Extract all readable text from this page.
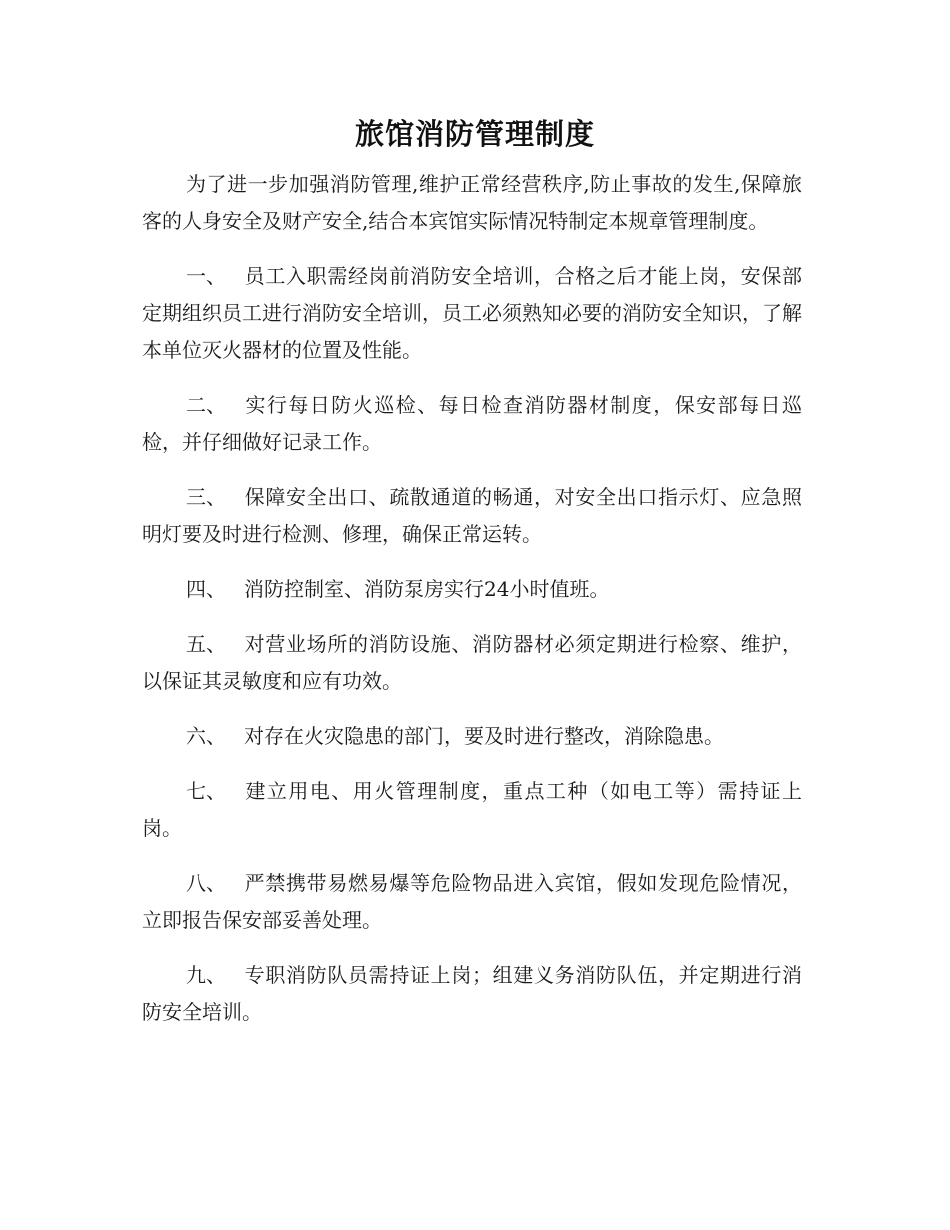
旅馆消防管理制度

为了进一步加强消防管理,维护正常经营秩序,防止事故的发生,保障旅客的人身安全及财产安全,结合本宾馆实际情况特制定本规章管理制度。

一、 员工入职需经岗前消防安全培训，合格之后才能上岗，安保部定期组织员工进行消防安全培训，员工必须熟知必要的消防安全知识，了解本单位灭火器材的位置及性能。

二、 实行每日防火巡检、每日检查消防器材制度，保安部每日巡检，并仔细做好记录工作。

三、 保障安全出口、疏散通道的畅通，对安全出口指示灯、应急照明灯要及时进行检测、修理，确保正常运转。

四、 消防控制室、消防泵房实行24小时值班。

五、 对营业场所的消防设施、消防器材必须定期进行检察、维护，以保证其灵敏度和应有功效。

六、 对存在火灾隐患的部门，要及时进行整改，消除隐患。

七、 建立用电、用火管理制度，重点工种（如电工等）需持证上岗。

八、 严禁携带易燃易爆等危险物品进入宾馆，假如发现危险情况，立即报告保安部妥善处理。

九、 专职消防队员需持证上岗；组建义务消防队伍，并定期进行消防安全培训。
